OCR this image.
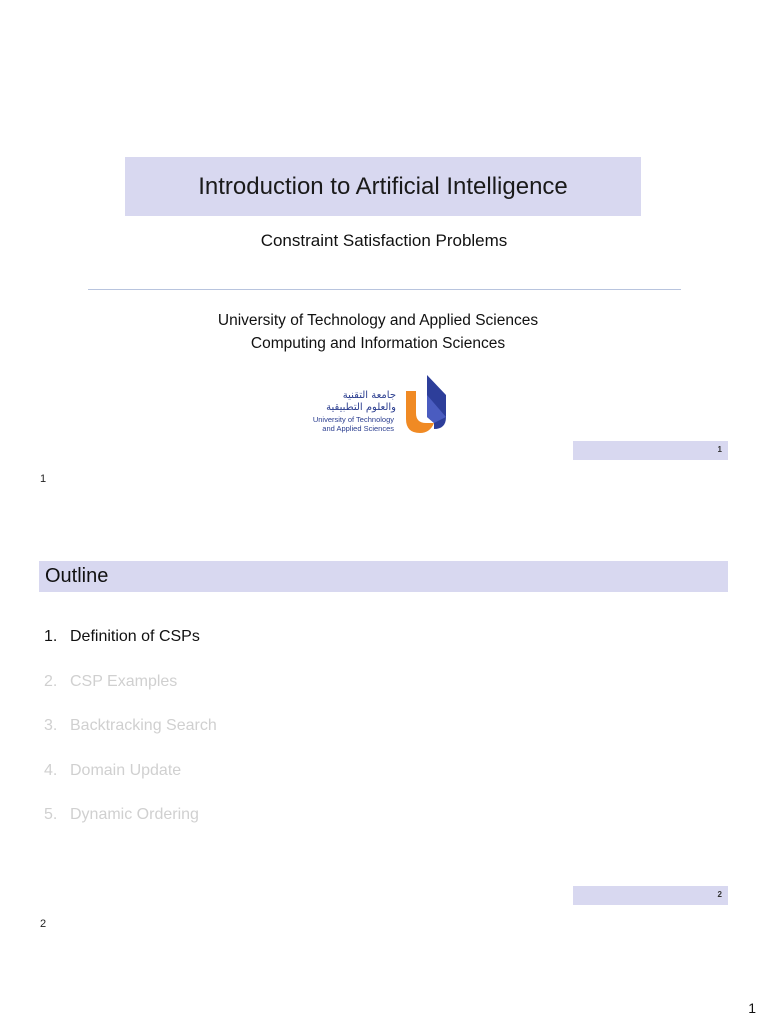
Introduction to Artificial Intelligence
Constraint Satisfaction Problems
University of Technology and Applied Sciences
Computing and Information Sciences
جامعة التقنية
والعلوم التطبيقية
University of Technology
and Applied Sciences
1
1
Outline
1. Definition of CSPs
2. CSP Examples
3. Backtracking Search
4. Domain Update
5. Dynamic Ordering
2
2
1
